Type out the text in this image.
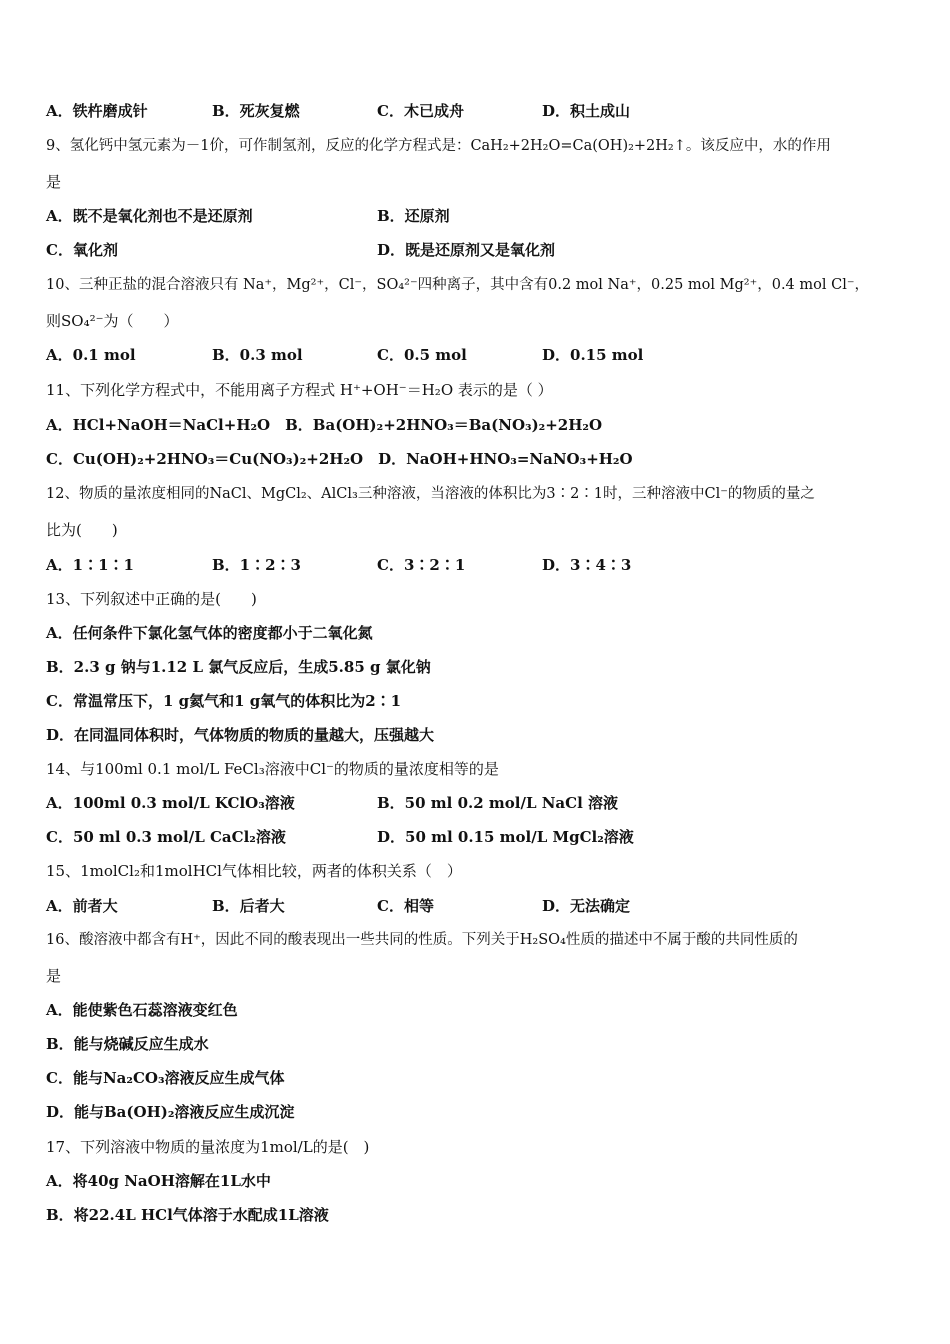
A．铁杵磨成针	B．死灰复燃	C．木已成舟	D．积土成山
9、氢化钙中氢元素为－1价，可作制氢剂，反应的化学方程式是：CaH₂+2H₂O=Ca(OH)₂+2H₂↑。该反应中，水的作用
是
A．既不是氧化剂也不是还原剂	B．还原剂
C．氧化剂	D．既是还原剂又是氧化剂
10、三种正盐的混合溶液只有 Na⁺，Mg²⁺，Cl⁻，SO₄²⁻四种离子，其中含有0.2 mol Na⁺，0.25 mol Mg²⁺，0.4 mol Cl⁻，
则SO₄²⁻为（　　）
A．0.1 mol	B．0.3 mol	C．0.5 mol	D．0.15 mol
11、下列化学方程式中，不能用离子方程式 H⁺+OH⁻＝H₂O 表示的是（ ）
A．HCl+NaOH＝NaCl+H₂O　B．Ba(OH)₂+2HNO₃＝Ba(NO₃)₂+2H₂O
C．Cu(OH)₂+2HNO₃＝Cu(NO₃)₂+2H₂O　D．NaOH+HNO₃=NaNO₃+H₂O
12、物质的量浓度相同的NaCl、MgCl₂、AlCl₃三种溶液，当溶液的体积比为3∶2∶1时，三种溶液中Cl⁻的物质的量之
比为(　　)
A．1∶1∶1	B．1∶2∶3	C．3∶2∶1	D．3∶4∶3
13、下列叙述中正确的是(　　)
A．任何条件下氯化氢气体的密度都小于二氧化氮
B．2.3 g 钠与1.12 L 氯气反应后，生成5.85 g 氯化钠
C．常温常压下，1 g氦气和1 g氧气的体积比为2∶1
D．在同温同体积时，气体物质的物质的量越大，压强越大
14、与100ml 0.1 mol/L FeCl₃溶液中Cl⁻的物质的量浓度相等的是
A．100ml 0.3 mol/L KClO₃溶液	B．50 ml 0.2 mol/L NaCl 溶液
C．50 ml 0.3 mol/L CaCl₂溶液	D．50 ml 0.15 mol/L MgCl₂溶液
15、1molCl₂和1molHCl气体相比较，两者的体积关系（　）
A．前者大	B．后者大	C．相等	D．无法确定
16、酸溶液中都含有H⁺，因此不同的酸表现出一些共同的性质。下列关于H₂SO₄性质的描述中不属于酸的共同性质的
是
A．能使紫色石蕊溶液变红色
B．能与烧碱反应生成水
C．能与Na₂CO₃溶液反应生成气体
D．能与Ba(OH)₂溶液反应生成沉淀
17、下列溶液中物质的量浓度为1mol/L的是(　)
A．将40g NaOH溶解在1L水中
B．将22.4L HCl气体溶于水配成1L溶液
